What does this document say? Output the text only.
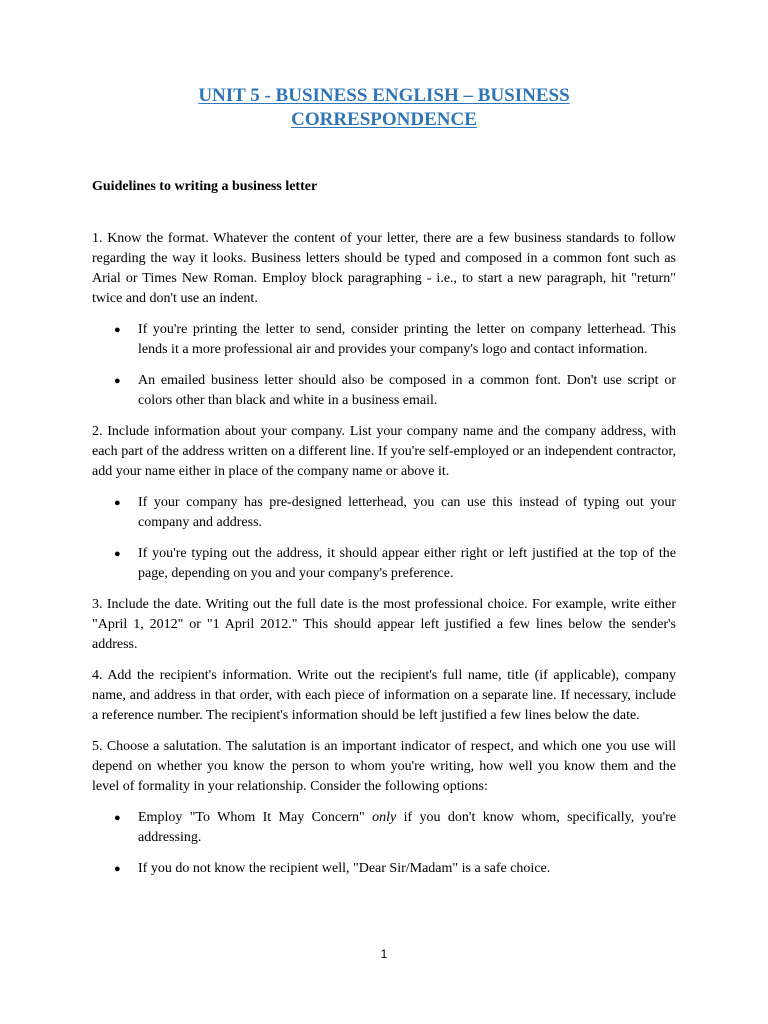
UNIT 5 - BUSINESS ENGLISH – BUSINESS
CORRESPONDENCE
Guidelines to writing a business letter

1. Know the format. Whatever the content of your letter, there are a few business standards to follow regarding the way it looks. Business letters should be typed and composed in a common font such as Arial or Times New Roman. Employ block paragraphing - i.e., to start a new paragraph, hit "return" twice and don't use an indent.

● If you're printing the letter to send, consider printing the letter on company letterhead. This lends it a more professional air and provides your company's logo and contact information.
● An emailed business letter should also be composed in a common font. Don't use script or colors other than black and white in a business email.

2. Include information about your company. List your company name and the company address, with each part of the address written on a different line. If you're self-employed or an independent contractor, add your name either in place of the company name or above it.

● If your company has pre-designed letterhead, you can use this instead of typing out your company and address.
● If you're typing out the address, it should appear either right or left justified at the top of the page, depending on you and your company's preference.

3. Include the date. Writing out the full date is the most professional choice. For example, write either "April 1, 2012" or "1 April 2012." This should appear left justified a few lines below the sender's address.

4. Add the recipient's information. Write out the recipient's full name, title (if applicable), company name, and address in that order, with each piece of information on a separate line. If necessary, include a reference number. The recipient's information should be left justified a few lines below the date.

5. Choose a salutation. The salutation is an important indicator of respect, and which one you use will depend on whether you know the person to whom you're writing, how well you know them and the level of formality in your relationship. Consider the following options:

● Employ "To Whom It May Concern" only if you don't know whom, specifically, you're addressing.
● If you do not know the recipient well, "Dear Sir/Madam" is a safe choice.
1
